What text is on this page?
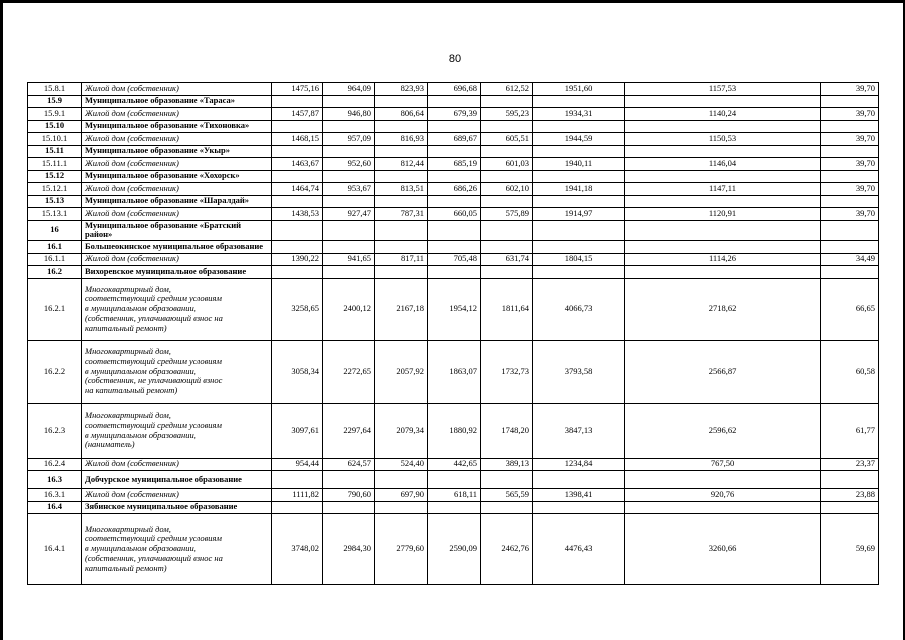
80
15.8.1	Жилой дом (собственник)	1475,16	964,09	823,93	696,68	612,52	1951,60	1157,53	39,70
15.9	Муниципальное образование «Тараса»								
15.9.1	Жилой дом (собственник)	1457,87	946,80	806,64	679,39	595,23	1934,31	1140,24	39,70
15.10	Муниципальное образование «Тихоновка»								
15.10.1	Жилой дом (собственник)	1468,15	957,09	816,93	689,67	605,51	1944,59	1150,53	39,70
15.11	Муниципальное образование «Укыр»								
15.11.1	Жилой дом (собственник)	1463,67	952,60	812,44	685,19	601,03	1940,11	1146,04	39,70
15.12	Муниципальное образование «Хохорск»								
15.12.1	Жилой дом (собственник)	1464,74	953,67	813,51	686,26	602,10	1941,18	1147,11	39,70
15.13	Муниципальное образование «Шаралдай»								
15.13.1	Жилой дом (собственник)	1438,53	927,47	787,31	660,05	575,89	1914,97	1120,91	39,70
16	Муниципальное образование «Братский район»								
16.1	Большеокинское муниципальное образование								
16.1.1	Жилой дом (собственник)	1390,22	941,65	817,11	705,48	631,74	1804,15	1114,26	34,49
16.2	Вихоревское муниципальное образование								
16.2.1	Многоквартирный дом,
соответствующий средним условиям
в муниципальном образовании,
(собственник, уплачивающий взнос на
капитальный ремонт)	3258,65	2400,12	2167,18	1954,12	1811,64	4066,73	2718,62	66,65
16.2.2	Многоквартирный дом,
соответствующий средним условиям
в муниципальном образовании,
(собственник, не уплачивающий взнос
на капитальный ремонт)	3058,34	2272,65	2057,92	1863,07	1732,73	3793,58	2566,87	60,58
16.2.3	Многоквартирный дом,
соответствующий средним условиям
в муниципальном образовании,
(наниматель)	3097,61	2297,64	2079,34	1880,92	1748,20	3847,13	2596,62	61,77
16.2.4	Жилой дом (собственник)	954,44	624,57	524,40	442,65	389,13	1234,84	767,50	23,37
16.3	Добчурское муниципальное образование								
16.3.1	Жилой дом (собственник)	1111,82	790,60	697,90	618,11	565,59	1398,41	920,76	23,88
16.4	Зябинское муниципальное образование								
16.4.1	Многоквартирный дом,
соответствующий средним условиям
в муниципальном образовании,
(собственник, уплачивающий взнос на
капитальный ремонт)	3748,02	2984,30	2779,60	2590,09	2462,76	4476,43	3260,66	59,69
